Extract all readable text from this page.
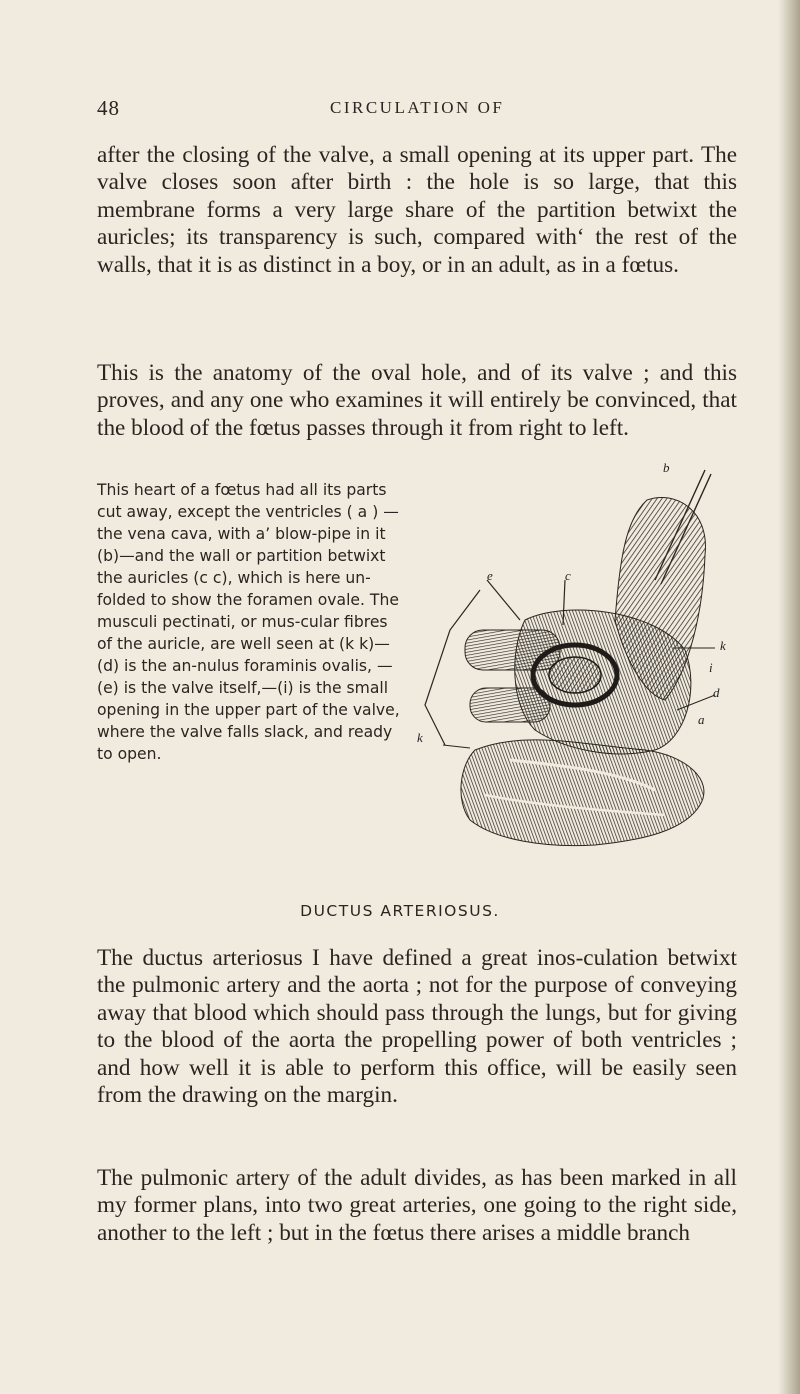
48	CIRCULATION OF

after the closing of the valve, a small opening at its upper part. The valve closes soon after birth : the hole is so large, that this membrane forms a very large share of the partition betwixt the auricles; its transparency is such, compared with‘ the rest of the walls, that it is as distinct in a boy, or in an adult, as in a fœtus.

This is the anatomy of the oval hole, and of its valve ; and this proves, and any one who examines it will entirely be convinced, that the blood of the fœtus passes through it from right to left.

This heart of a fœtus had all its parts cut away, except the ventricles ( a ) — the vena cava, with a’ blow-pipe in it (b)—and the wall or partition betwixt the auricles (c c), which is here un-folded to show the foramen ovale. The musculi pectinati, or mus-cular fibres of the auricle, are well seen at (k k)—(d) is the an-nulus foraminis ovalis, — (e) is the valve itself,—(i) is the small opening in the upper part of the valve, where the valve falls slack, and ready to open.

b
e	c
k
i
d
a
k
DUCTUS ARTERIOSUS.

The ductus arteriosus I have defined a great inos-culation betwixt the pulmonic artery and the aorta ; not for the purpose of conveying away that blood which should pass through the lungs, but for giving to the blood of the aorta the propelling power of both ventricles ; and how well it is able to perform this office, will be easily seen from the drawing on the margin.

The pulmonic artery of the adult divides, as has been marked in all my former plans, into two great arteries, one going to the right side, another to the left ; but in the fœtus there arises a middle branch
